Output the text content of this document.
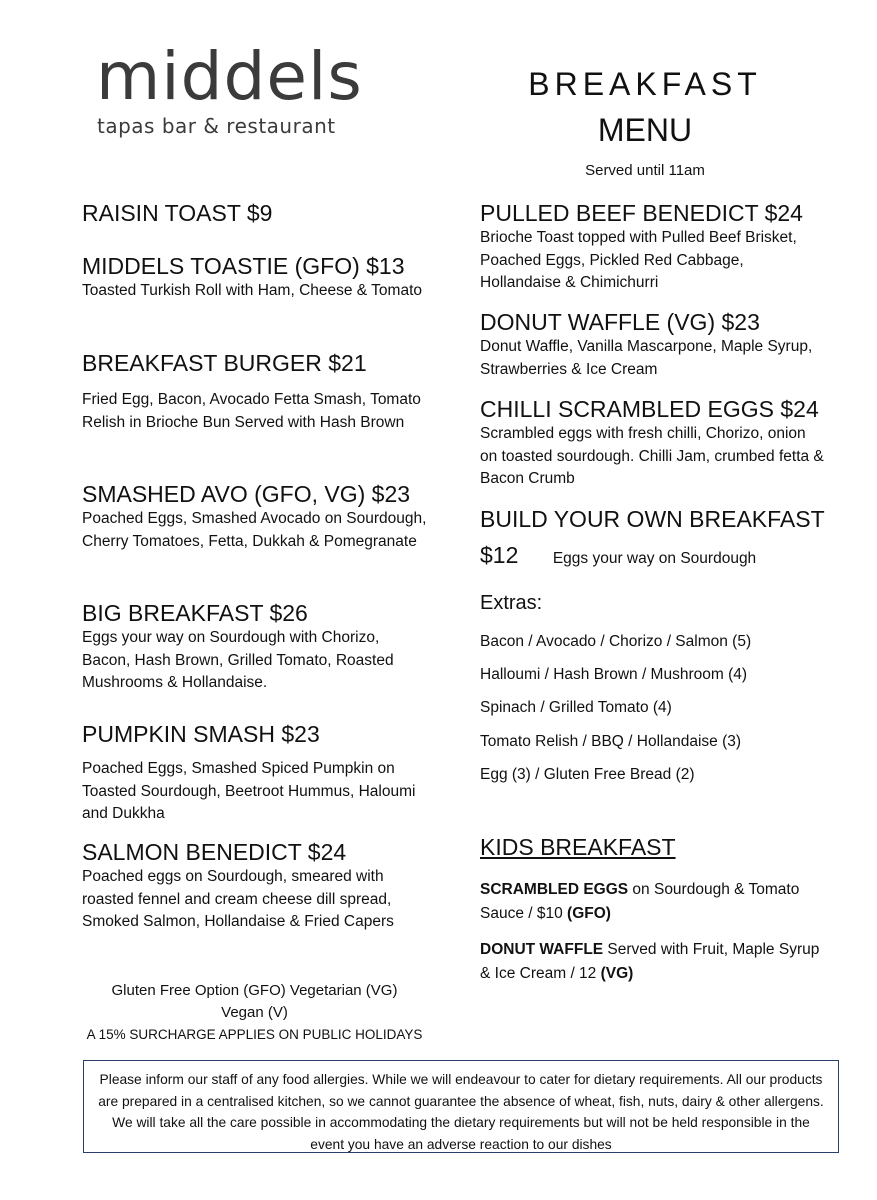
middels
tapas bar & restaurant
BREAKFAST
MENU
Served until 11am
RAISIN TOAST $9
MIDDELS TOASTIE (GFO) $13
Toasted Turkish Roll with Ham, Cheese & Tomato
BREAKFAST BURGER $21
Fried Egg, Bacon, Avocado Fetta Smash, Tomato Relish in Brioche Bun Served with Hash Brown
SMASHED AVO (GFO, VG) $23
Poached Eggs, Smashed Avocado on Sourdough, Cherry Tomatoes, Fetta, Dukkah & Pomegranate
BIG BREAKFAST $26
Eggs your way on Sourdough with Chorizo, Bacon, Hash Brown, Grilled Tomato, Roasted Mushrooms & Hollandaise.
PUMPKIN SMASH $23
Poached Eggs, Smashed Spiced Pumpkin on Toasted Sourdough, Beetroot Hummus, Haloumi and Dukkha
SALMON BENEDICT $24
Poached eggs on Sourdough, smeared with roasted fennel and cream cheese dill spread, Smoked Salmon, Hollandaise & Fried Capers
Gluten Free Option (GFO) Vegetarian (VG)
Vegan (V)
A 15% SURCHARGE APPLIES ON PUBLIC HOLIDAYS
PULLED BEEF BENEDICT $24
Brioche Toast topped with Pulled Beef Brisket, Poached Eggs, Pickled Red Cabbage, Hollandaise & Chimichurri
DONUT WAFFLE (VG) $23
Donut Waffle, Vanilla Mascarpone, Maple Syrup, Strawberries & Ice Cream
CHILLI SCRAMBLED EGGS $24
Scrambled eggs with fresh chilli, Chorizo, onion on toasted sourdough. Chilli Jam, crumbed fetta & Bacon Crumb
BUILD YOUR OWN BREAKFAST
$12 Eggs your way on Sourdough
Extras:
Bacon / Avocado / Chorizo / Salmon (5)
Halloumi / Hash Brown / Mushroom (4)
Spinach / Grilled Tomato (4)
Tomato Relish / BBQ / Hollandaise (3)
Egg (3) / Gluten Free Bread (2)
KIDS BREAKFAST
SCRAMBLED EGGS on Sourdough & Tomato Sauce / $10 (GFO)
DONUT WAFFLE Served with Fruit, Maple Syrup & Ice Cream / 12 (VG)
Please inform our staff of any food allergies. While we will endeavour to cater for dietary requirements. All our products are prepared in a centralised kitchen, so we cannot guarantee the absence of wheat, fish, nuts, dairy & other allergens. We will take all the care possible in accommodating the dietary requirements but will not be held responsible in the event you have an adverse reaction to our dishes
